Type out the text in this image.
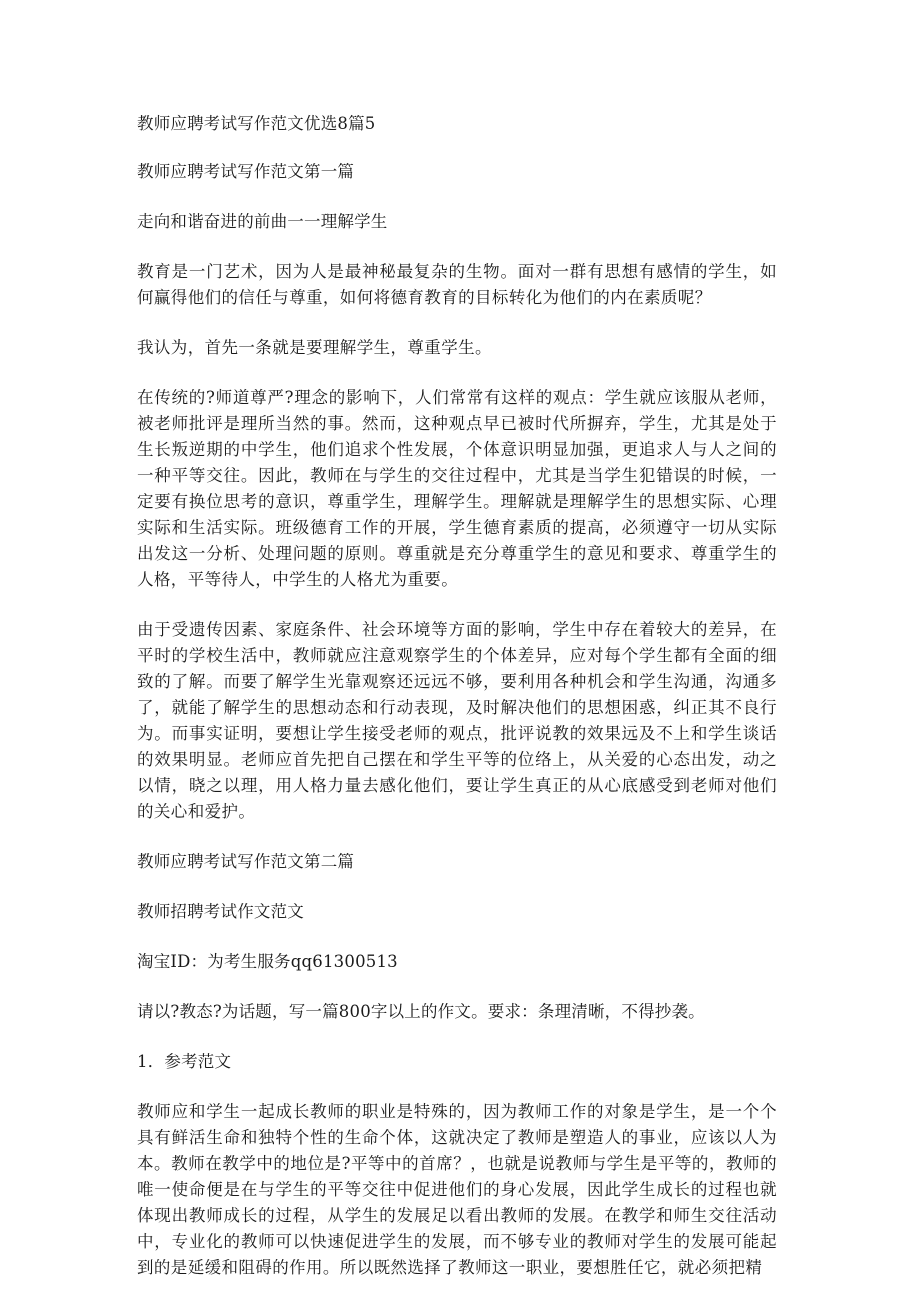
教师应聘考试写作范文优选8篇5

教师应聘考试写作范文第一篇

走向和谐奋进的前曲一一理解学生

教育是一门艺术，因为人是最神秘最复杂的生物。面对一群有思想有感情的学生，如何赢得他们的信任与尊重，如何将德育教育的目标转化为他们的内在素质呢？

我认为，首先一条就是要理解学生，尊重学生。

在传统的?师道尊严?理念的影响下，人们常常有这样的观点：学生就应该服从老师，被老师批评是理所当然的事。然而，这种观点早已被时代所摒弃，学生，尤其是处于生长叛逆期的中学生，他们追求个性发展，个体意识明显加强，更追求人与人之间的一种平等交往。因此，教师在与学生的交往过程中，尤其是当学生犯错误的时候，一定要有换位思考的意识，尊重学生，理解学生。理解就是理解学生的思想实际、心理实际和生活实际。班级德育工作的开展，学生德育素质的提高，必须遵守一切从实际出发这一分析、处理问题的原则。尊重就是充分尊重学生的意见和要求、尊重学生的人格，平等待人，中学生的人格尤为重要。

由于受遗传因素、家庭条件、社会环境等方面的影响，学生中存在着较大的差异，在平时的学校生活中，教师就应注意观察学生的个体差异，应对每个学生都有全面的细致的了解。而要了解学生光靠观察还远远不够，要利用各种机会和学生沟通，沟通多了，就能了解学生的思想动态和行动表现，及时解决他们的思想困惑，纠正其不良行为。而事实证明，要想让学生接受老师的观点，批评说教的效果远及不上和学生谈话的效果明显。老师应首先把自己摆在和学生平等的位络上，从关爱的心态出发，动之以情，晓之以理，用人格力量去感化他们，要让学生真正的从心底感受到老师对他们的关心和爱护。

教师应聘考试写作范文第二篇

教师招聘考试作文范文

淘宝ID：为考生服务qq61300513

请以?教态?为话题，写一篇800字以上的作文。要求：条理清晰，不得抄袭。

1．参考范文

教师应和学生一起成长教师的职业是特殊的，因为教师工作的对象是学生，是一个个具有鲜活生命和独特个性的生命个体，这就决定了教师是塑造人的事业，应该以人为本。教师在教学中的地位是?平等中的首席？，也就是说教师与学生是平等的，教师的唯一使命便是在与学生的平等交往中促进他们的身心发展，因此学生成长的过程也就体现出教师成长的过程，从学生的发展足以看出教师的发展。在教学和师生交往活动中，专业化的教师可以快速促进学生的发展，而不够专业的教师对学生的发展可能起到的是延缓和阻碍的作用。所以既然选择了教师这一职业，要想胜任它，就必须把精
